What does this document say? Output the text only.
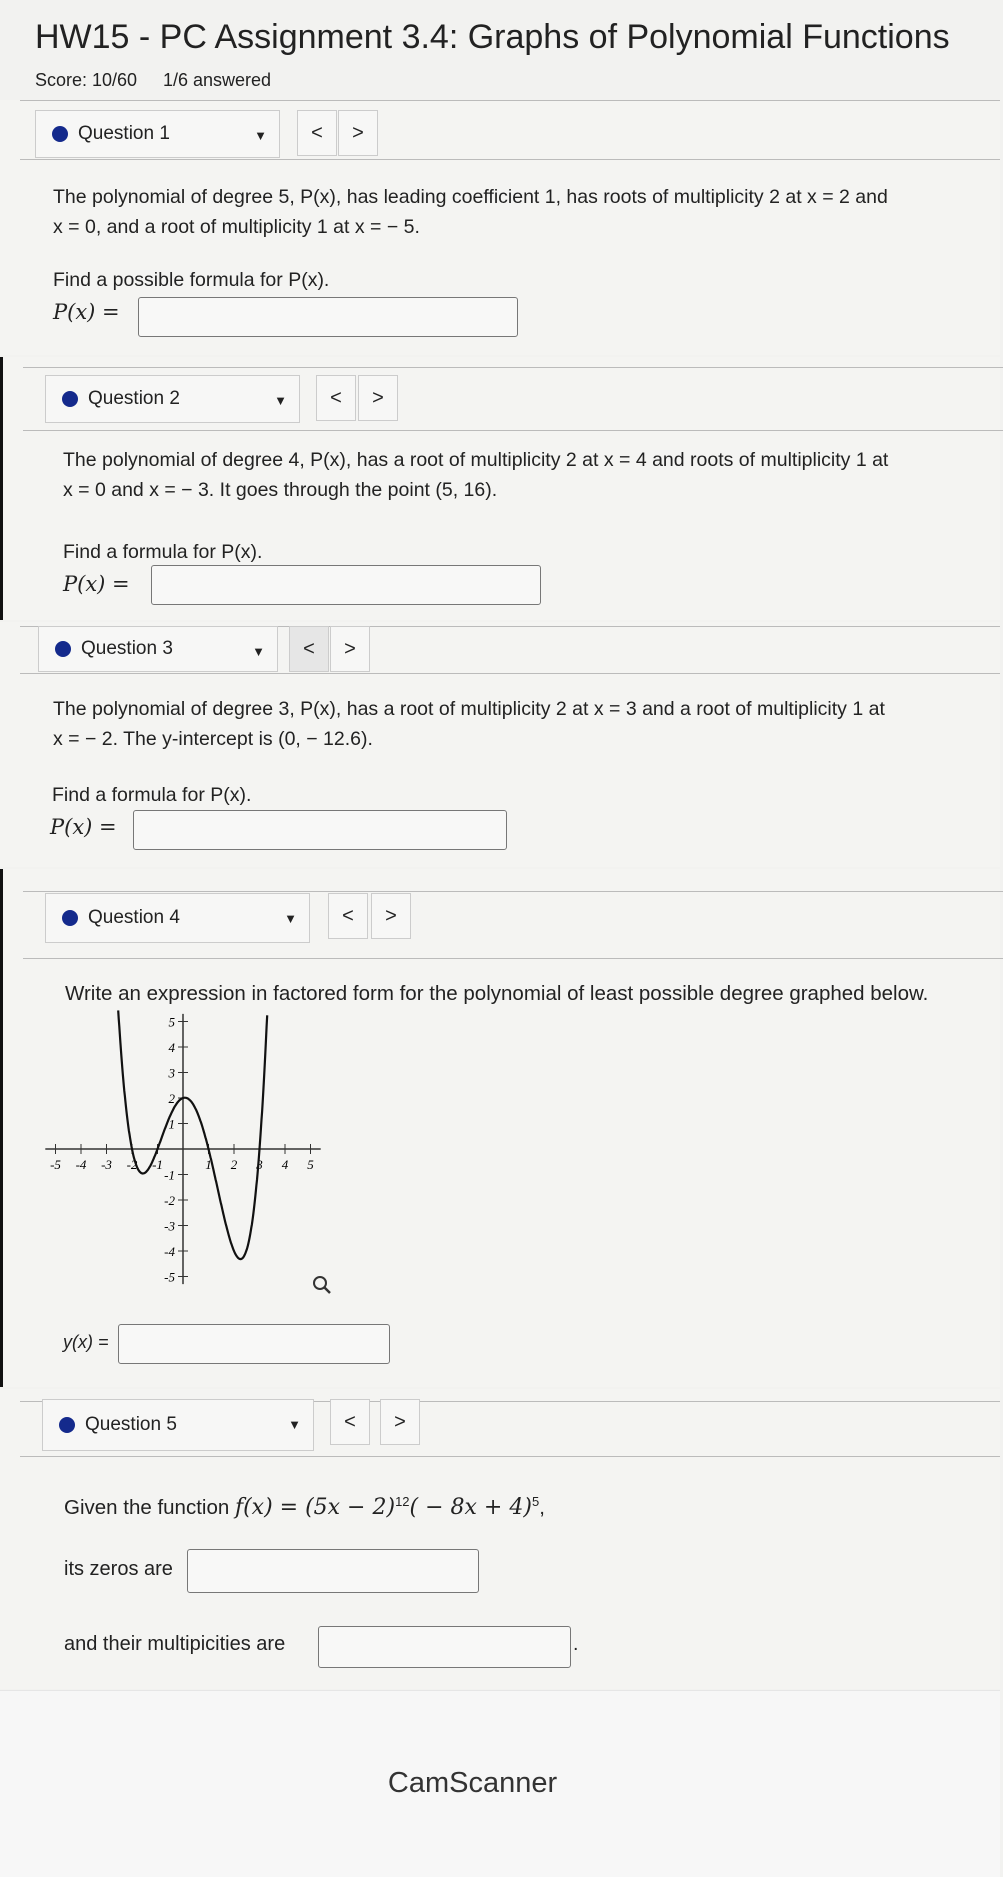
HW15 - PC Assignment 3.4: Graphs of Polynomial Functions
Score: 10/60 1/6 answered
Question 1	▼	<	>
The polynomial of degree 5, P(x), has leading coefficient 1, has roots of multiplicity 2 at x = 2 and
x = 0, and a root of multiplicity 1 at x = − 5.
Find a possible formula for P(x).
P(x) =
Question 2	▼	<	>
The polynomial of degree 4, P(x), has a root of multiplicity 2 at x = 4 and roots of multiplicity 1 at
x = 0 and x = − 3. It goes through the point (5, 16).
Find a formula for P(x).
P(x) =
Question 3	▼	<	>
The polynomial of degree 3, P(x), has a root of multiplicity 2 at x = 3 and a root of multiplicity 1 at
x = − 2. The y-intercept is (0, − 12.6).
Find a formula for P(x).
P(x) =
Question 4	▼	<	>
Write an expression in factored form for the polynomial of least possible degree graphed below.
-5 -4 -3 -2 -1	1 2 3 4 5
5
4
3
2
1
-1
-2
-3
-4
-5
y(x) =
Question 5	▼	<	>
Given the function $f(x) = (5x - 2)^{12}( - 8x + 4)^5$,
its zeros are
and their multipicities are	.
CamScanner
